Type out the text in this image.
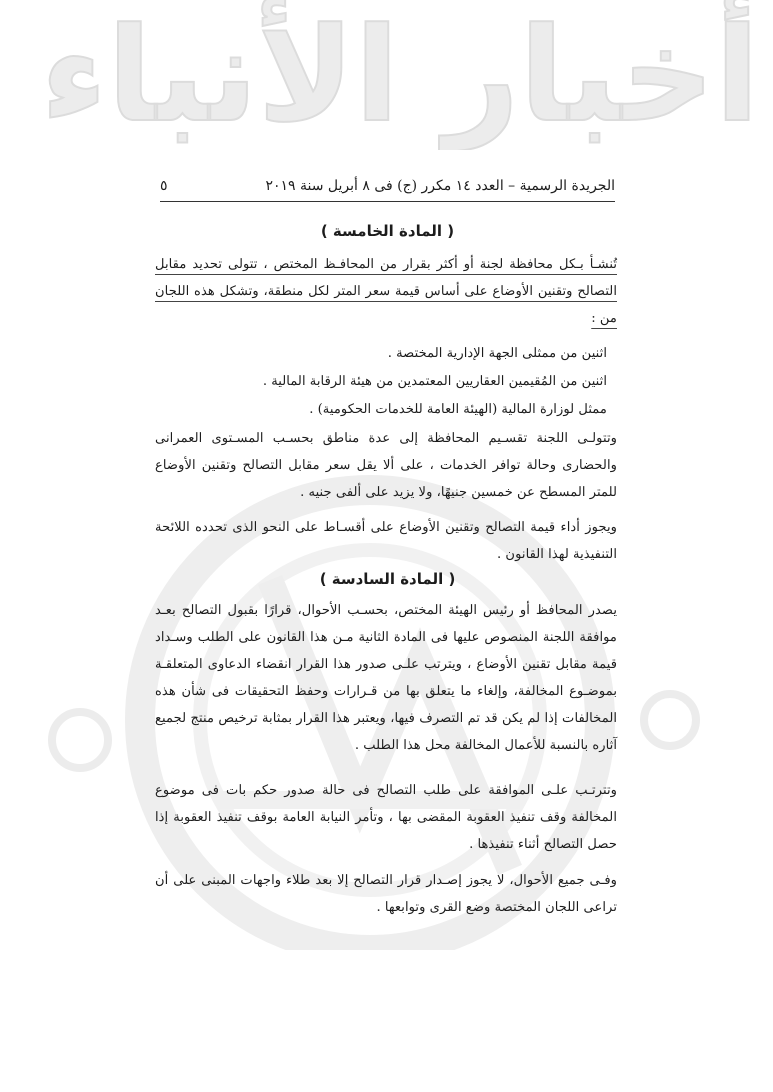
أخبار الأنباء
الجريدة الرسمية – العدد ١٤ مكرر (ج) فى ٨ أبريل سنة ٢٠١٩
٥
( المادة الخامسة )
تُنشـأ بـكل محافظة لجنة أو أكثر بقرار من المحافـظ المختص ، تتولى تحديد مقابل التصالح وتقنين الأوضاع على أساس قيمة سعر المتر لكل منطقة، وتشكل هذه اللجان من :
اثنين من ممثلى الجهة الإدارية المختصة .
اثنين من المُقيمين العقاريين المعتمدين من هيئة الرقابة المالية .
ممثل لوزارة المالية (الهيئة العامة للخدمات الحكومية) .
وتتولـى اللجنة تقسـيم المحافظة إلى عدة مناطق بحسـب المسـتوى العمرانى والحضارى وحالة توافر الخدمات ، على ألا يقل سعر مقابل التصالح وتقنين الأوضاع للمتر المسطح عن خمسين جنيهًا، ولا يزيد على ألفى جنيه .
ويجوز أداء قيمة التصالح وتقنين الأوضاع على أقسـاط على النحو الذى تحدده اللائحة التنفيذية لهذا القانون .
( المادة السادسة )
يصدر المحافظ أو رئيس الهيئة المختص، بحسـب الأحوال، قرارًا بقبول التصالح بعـد موافقة اللجنة المنصوص عليها فى المادة الثانية مـن هذا القانون على الطلب وسـداد قيمة مقابل تقنين الأوضاع ، ويترتب علـى صدور هذا القرار انقضاء الدعاوى المتعلقـة بموضـوع المخالفة، وإلغاء ما يتعلق بها من قـرارات وحفظ التحقيقات فى شأن هذه المخالفات إذا لم يكن قد تم التصرف فيها، ويعتبر هذا القرار بمثابة ترخيص منتج لجميع آثاره بالنسبة للأعمال المخالفة محل هذا الطلب .
وتترتـب علـى الموافقة على طلب التصالح فى حالة صدور حكم بات فى موضوع المخالفة وقف تنفيذ العقوبة المقضى بها ، وتأمر النيابة العامة بوقف تنفيذ العقوبة إذا حصل التصالح أثناء تنفيذها .
وفـى جميع الأحوال، لا يجوز إصـدار قرار التصالح إلا بعد طلاء واجهات المبنى على أن تراعى اللجان المختصة وضع القرى وتوابعها .
